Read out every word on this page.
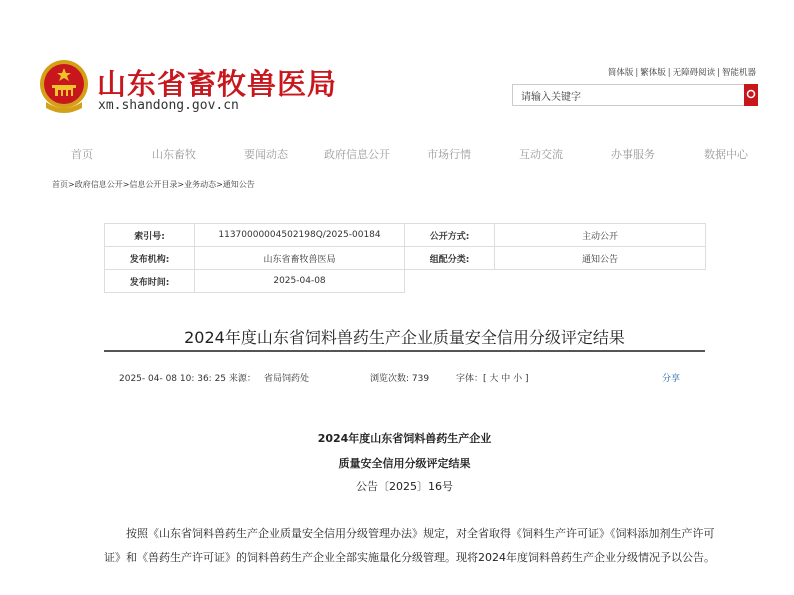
山东省畜牧兽医局
xm.shandong.gov.cn
简体版 | 繁体版 | 无障碍阅读 | 智能机器
请输入关键字
首页	山东畜牧	要闻动态	政府信息公开	市场行情	互动交流	办事服务	数据中心
首页>政府信息公开>信息公开目录>业务动态>通知公告
索引号:	11370000004502198Q/2025-00184	公开方式:	主动公开
发布机构:	山东省畜牧兽医局	组配分类:	通知公告
发布时间:	2025-04-08		
2024年度山东省饲料兽药生产企业质量安全信用分级评定结果
2025- 04- 08 10: 36: 25 来源： 省局饲药处	浏览次数: 739	字体：[ 大 中 小 ]	分享
2024年度山东省饲料兽药生产企业
质量安全信用分级评定结果
公告〔2025〕16号
按照《山东省饲料兽药生产企业质量安全信用分级管理办法》规定，对全省取得《饲料生产许可证》《饲料添加剂生产许可证》和《兽药生产许可证》的饲料兽药生产企业全部实施量化分级管理。现将2024年度饲料兽药生产企业分级情况予以公告。
